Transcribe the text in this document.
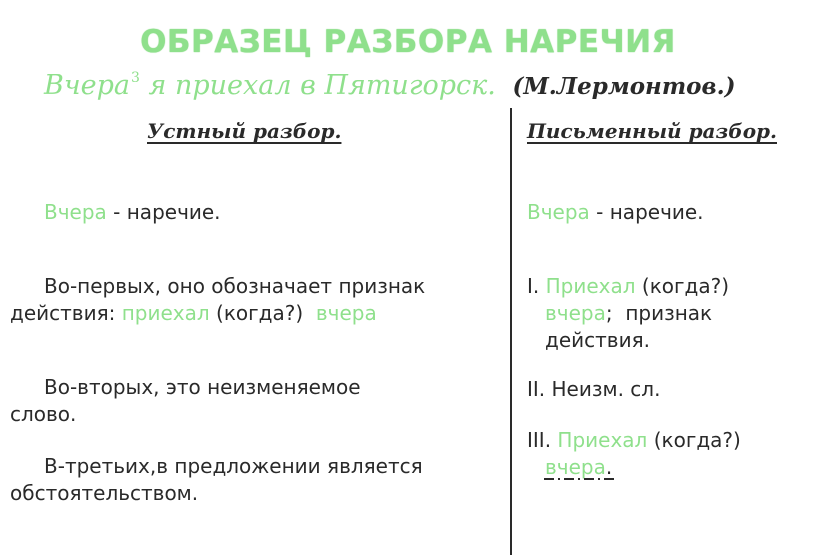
ОБРАЗЕЦ РАЗБОРА НАРЕЧИЯ
Вчера$^3$ я приехал в Пятигорск. (М.Лермонтов.)
Устный разбор.
Вчера - наречие.
Во-первых, оно обозначает признак
действия: приехал (когда?) вчера
Во-вторых, это неизменяемое
слово.
В-третьих,в предложении является
обстоятельством.
Письменный разбор.
Вчера - наречие.
I. Приехал (когда?)
вчера;  признак
действия.
II. Неизм. сл.
III. Приехал (когда?)
вчера.
